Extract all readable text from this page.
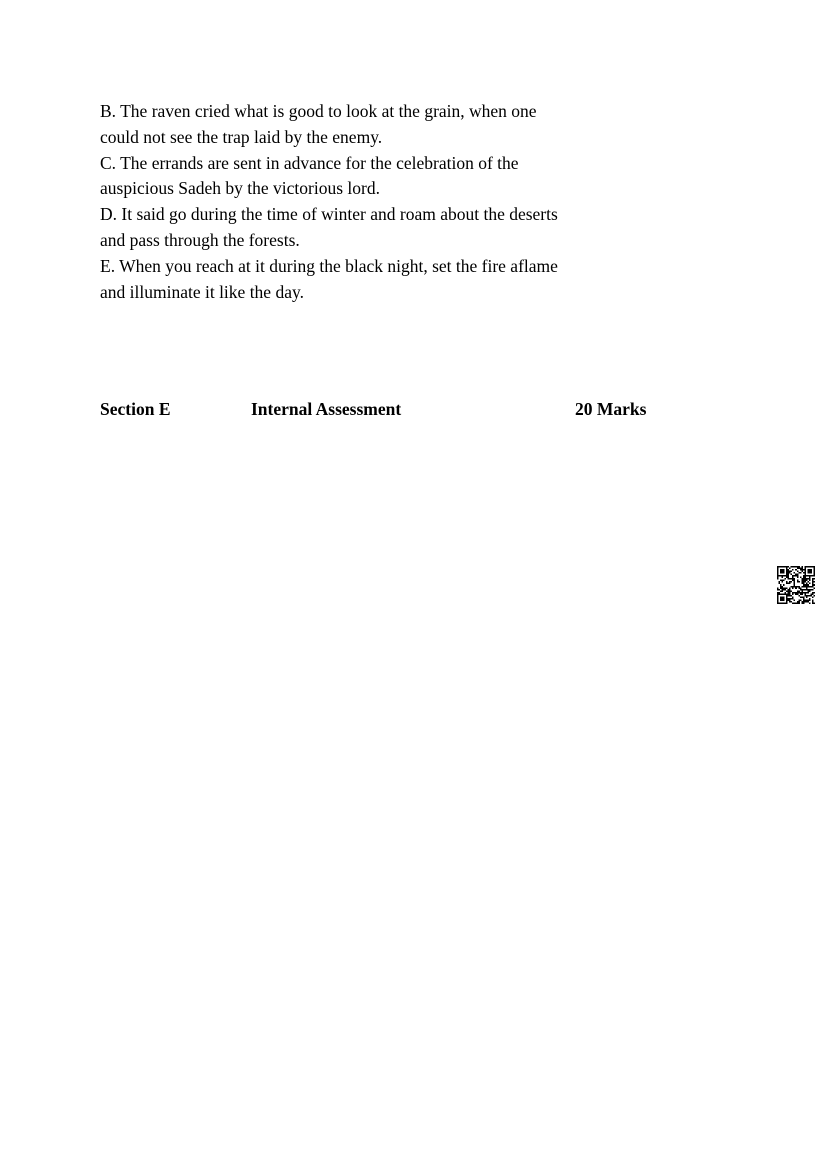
B. The raven cried what is good to look at the grain, when one
could not see the trap laid by the enemy.
C. The errands are sent in advance for the celebration of the
auspicious Sadeh by the victorious lord.
D. It said go during the time of winter and roam about the deserts
and pass through the forests.
E. When you reach at it during the black night, set the fire aflame
and illuminate it like the day.
Section E	Internal Assessment	20 Marks
